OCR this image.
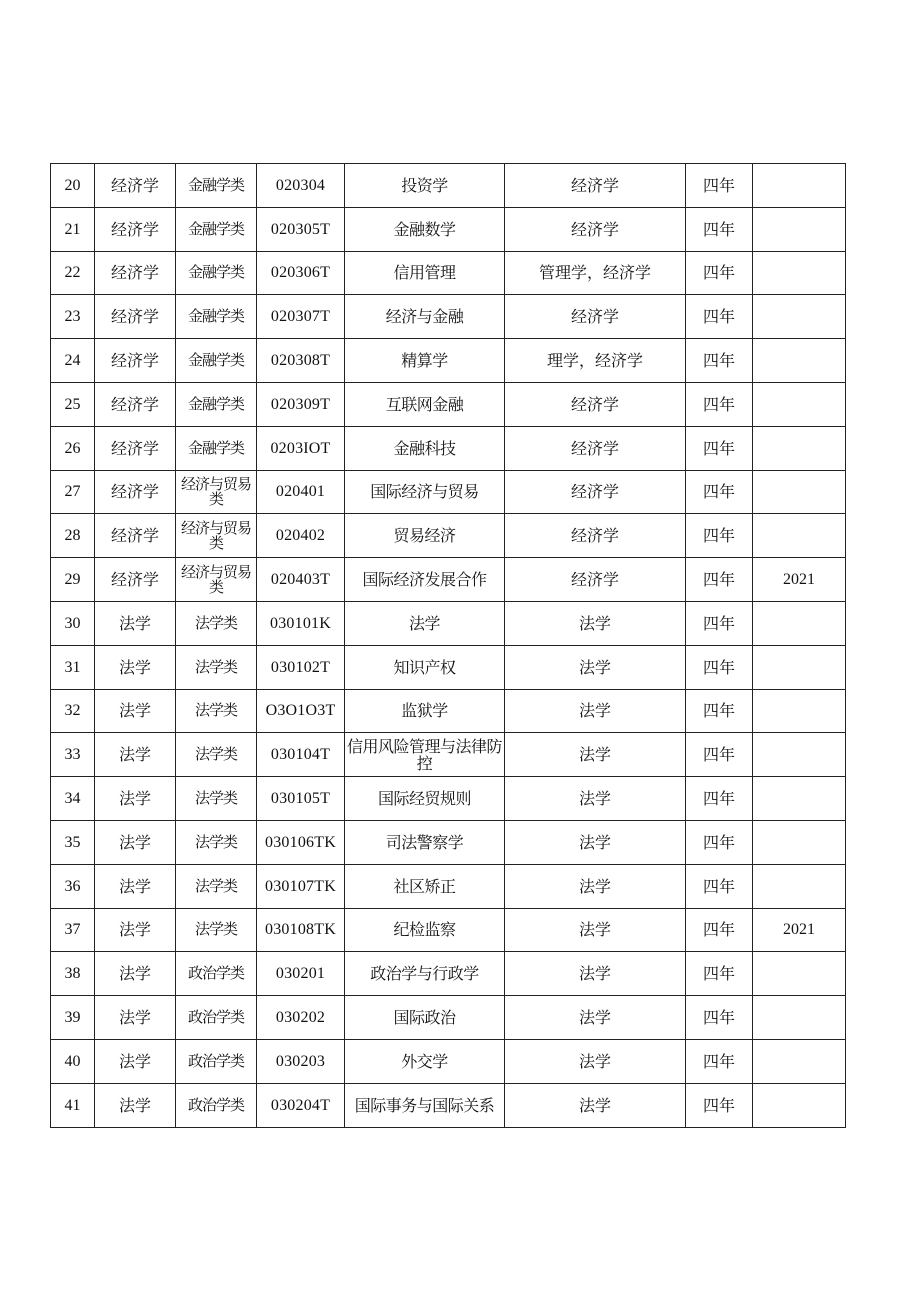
20	经济学	金融学类	020304	投资学	经济学	四年	
21	经济学	金融学类	020305T	金融数学	经济学	四年	
22	经济学	金融学类	020306T	信用管理	管理学，经济学	四年	
23	经济学	金融学类	020307T	经济与金融	经济学	四年	
24	经济学	金融学类	020308T	精算学	理学，经济学	四年	
25	经济学	金融学类	020309T	互联网金融	经济学	四年	
26	经济学	金融学类	0203IOT	金融科技	经济学	四年	
27	经济学	经济与贸易类	020401	国际经济与贸易	经济学	四年	
28	经济学	经济与贸易类	020402	贸易经济	经济学	四年	
29	经济学	经济与贸易类	020403T	国际经济发展合作	经济学	四年	2021
30	法学	法学类	030101K	法学	法学	四年	
31	法学	法学类	030102T	知识产权	法学	四年	
32	法学	法学类	O3O1O3T	监狱学	法学	四年	
33	法学	法学类	030104T	信用风险管理与法律防控	法学	四年	
34	法学	法学类	030105T	国际经贸规则	法学	四年	
35	法学	法学类	030106TK	司法警察学	法学	四年	
36	法学	法学类	030107TK	社区矫正	法学	四年	
37	法学	法学类	030108TK	纪检监察	法学	四年	2021
38	法学	政治学类	030201	政治学与行政学	法学	四年	
39	法学	政治学类	030202	国际政治	法学	四年	
40	法学	政治学类	030203	外交学	法学	四年	
41	法学	政治学类	030204T	国际事务与国际关系	法学	四年	
